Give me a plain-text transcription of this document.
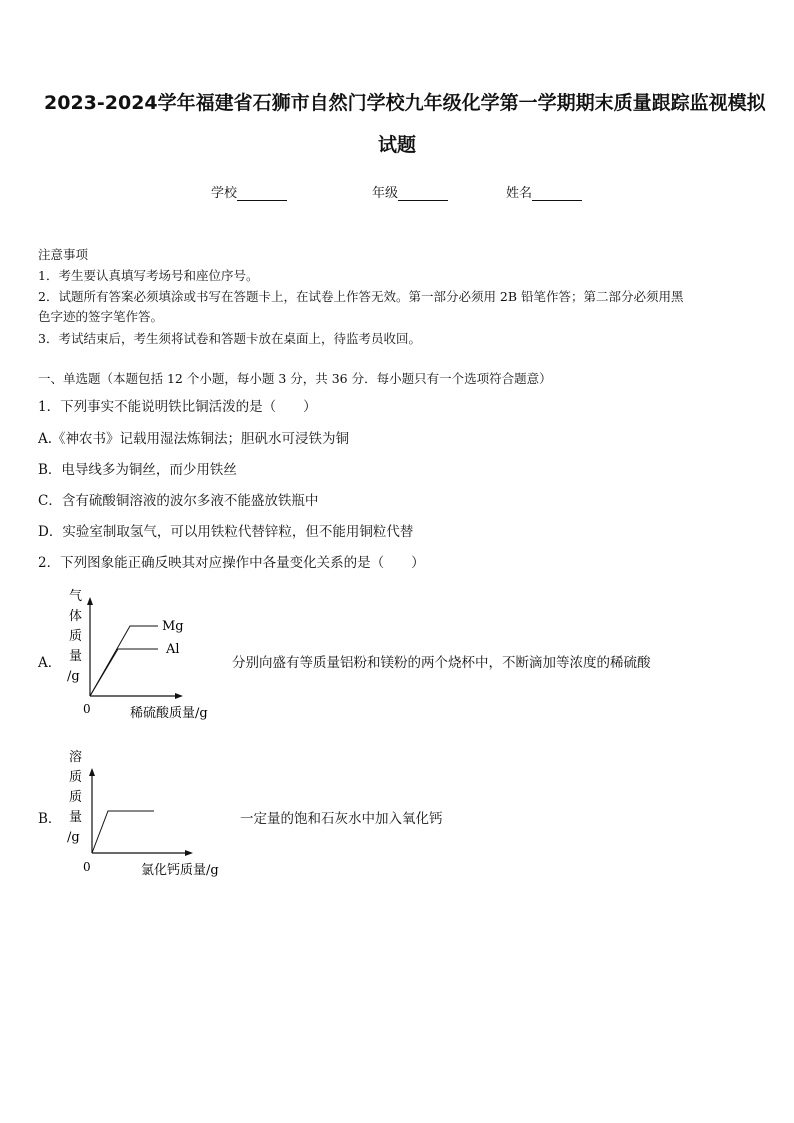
2023-2024学年福建省石狮市自然门学校九年级化学第一学期期末质量跟踪监视模拟
试题
学校	年级	姓名
注意事项
1．考生要认真填写考场号和座位序号。
2．试题所有答案必须填涂或书写在答题卡上，在试卷上作答无效。第一部分必须用 2B 铅笔作答；第二部分必须用黑
色字迹的签字笔作答。
3．考试结束后，考生须将试卷和答题卡放在桌面上，待监考员收回。
一、单选题（本题包括 12 个小题，每小题 3 分，共 36 分．每小题只有一个选项符合题意）
1．下列事实不能说明铁比铜活泼的是（　　）
A.《神农书》记载用湿法炼铜法；胆矾水可浸铁为铜
B．电导线多为铜丝，而少用铁丝
C．含有硫酸铜溶液的波尔多液不能盛放铁瓶中
D．实验室制取氢气，可以用铁粒代替锌粒，但不能用铜粒代替
2．下列图象能正确反映其对应操作中各量变化关系的是（　　）
A．
气
体
质
量
/g
Mg
Al
0	稀硫酸质量/g
分别向盛有等质量铝粉和镁粉的两个烧杯中，不断滴加等浓度的稀硫酸
B．
溶
质
质
量
/g
0	氯化钙质量/g
一定量的饱和石灰水中加入氧化钙
